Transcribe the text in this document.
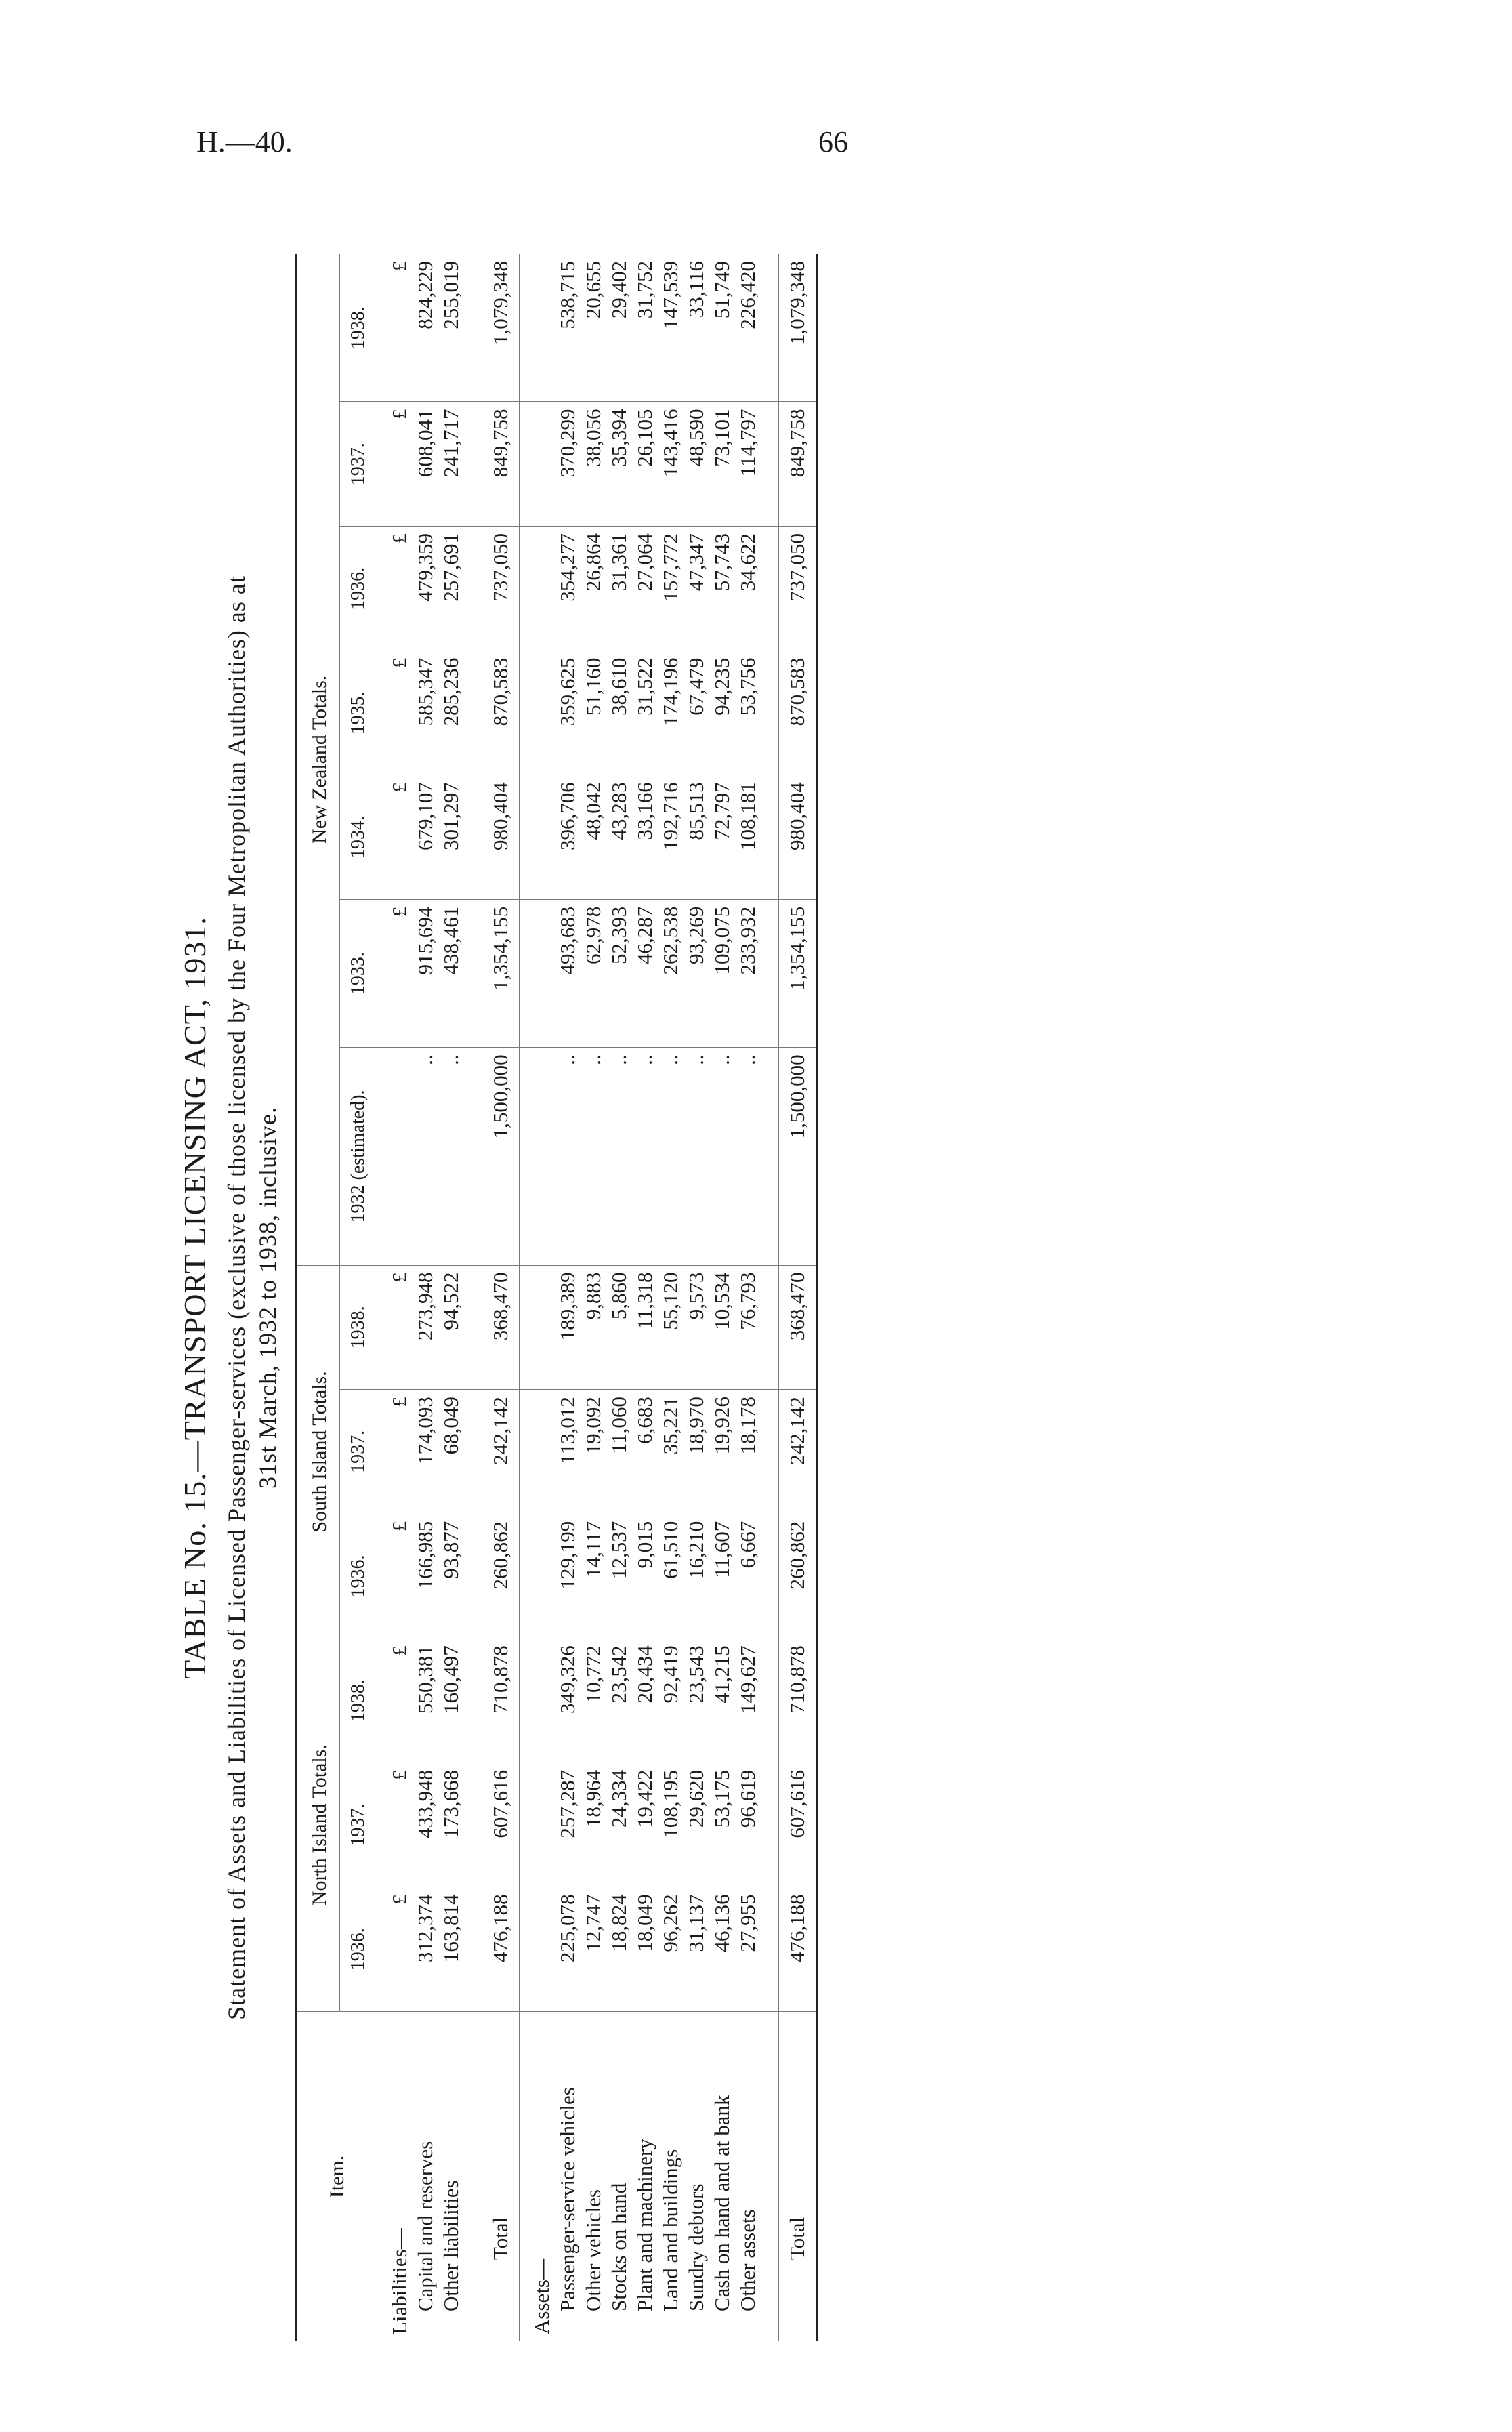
H.—40.	66
TABLE No. 15.—TRANSPORT LICENSING ACT, 1931. Statement of Assets and Liabilities of Licensed Passenger-services (exclusive of those licensed by the Four Metropolitan Authorities) as at 31st March, 1932 to 1938, inclusive.
Item.	North Island Totals.			South Island Totals.			New Zealand Totals.						
	1936.	1937.	1938.	1936.	1937.	1938.	1932 (estimated).	1933.	1934.	1935.	1936.	1937.	1938.
Liabilities—	£	£	£	£	£	£		£	£	£	£	£	£
Capital and reserves	312,374	433,948	550,381	166,985	174,093	273,948	..	915,694	679,107	585,347	479,359	608,041	824,229
Other liabilities	163,814	173,668	160,497	93,877	68,049	94,522	..	438,461	301,297	285,236	257,691	241,717	255,019

Total	476,188	607,616	710,878	260,862	242,142	368,470	1,500,000	1,354,155	980,404	870,583	737,050	849,758	1,079,348
Assets—													
Passenger-service vehicles	225,078	257,287	349,326	129,199	113,012	189,389	..	493,683	396,706	359,625	354,277	370,299	538,715
Other vehicles	12,747	18,964	10,772	14,117	19,092	9,883	..	62,978	48,042	51,160	26,864	38,056	20,655
Stocks on hand	18,824	24,334	23,542	12,537	11,060	5,860	..	52,393	43,283	38,610	31,361	35,394	29,402
Plant and machinery	18,049	19,422	20,434	9,015	6,683	11,318	..	46,287	33,166	31,522	27,064	26,105	31,752
Land and buildings	96,262	108,195	92,419	61,510	35,221	55,120	..	262,538	192,716	174,196	157,772	143,416	147,539
Sundry debtors	31,137	29,620	23,543	16,210	18,970	9,573	..	93,269	85,513	67,479	47,347	48,590	33,116
Cash on hand and at bank	46,136	53,175	41,215	11,607	19,926	10,534	..	109,075	72,797	94,235	57,743	73,101	51,749
Other assets	27,955	96,619	149,627	6,667	18,178	76,793	..	233,932	108,181	53,756	34,622	114,797	226,420

Total	476,188	607,616	710,878	260,862	242,142	368,470	1,500,000	1,354,155	980,404	870,583	737,050	849,758	1,079,348
